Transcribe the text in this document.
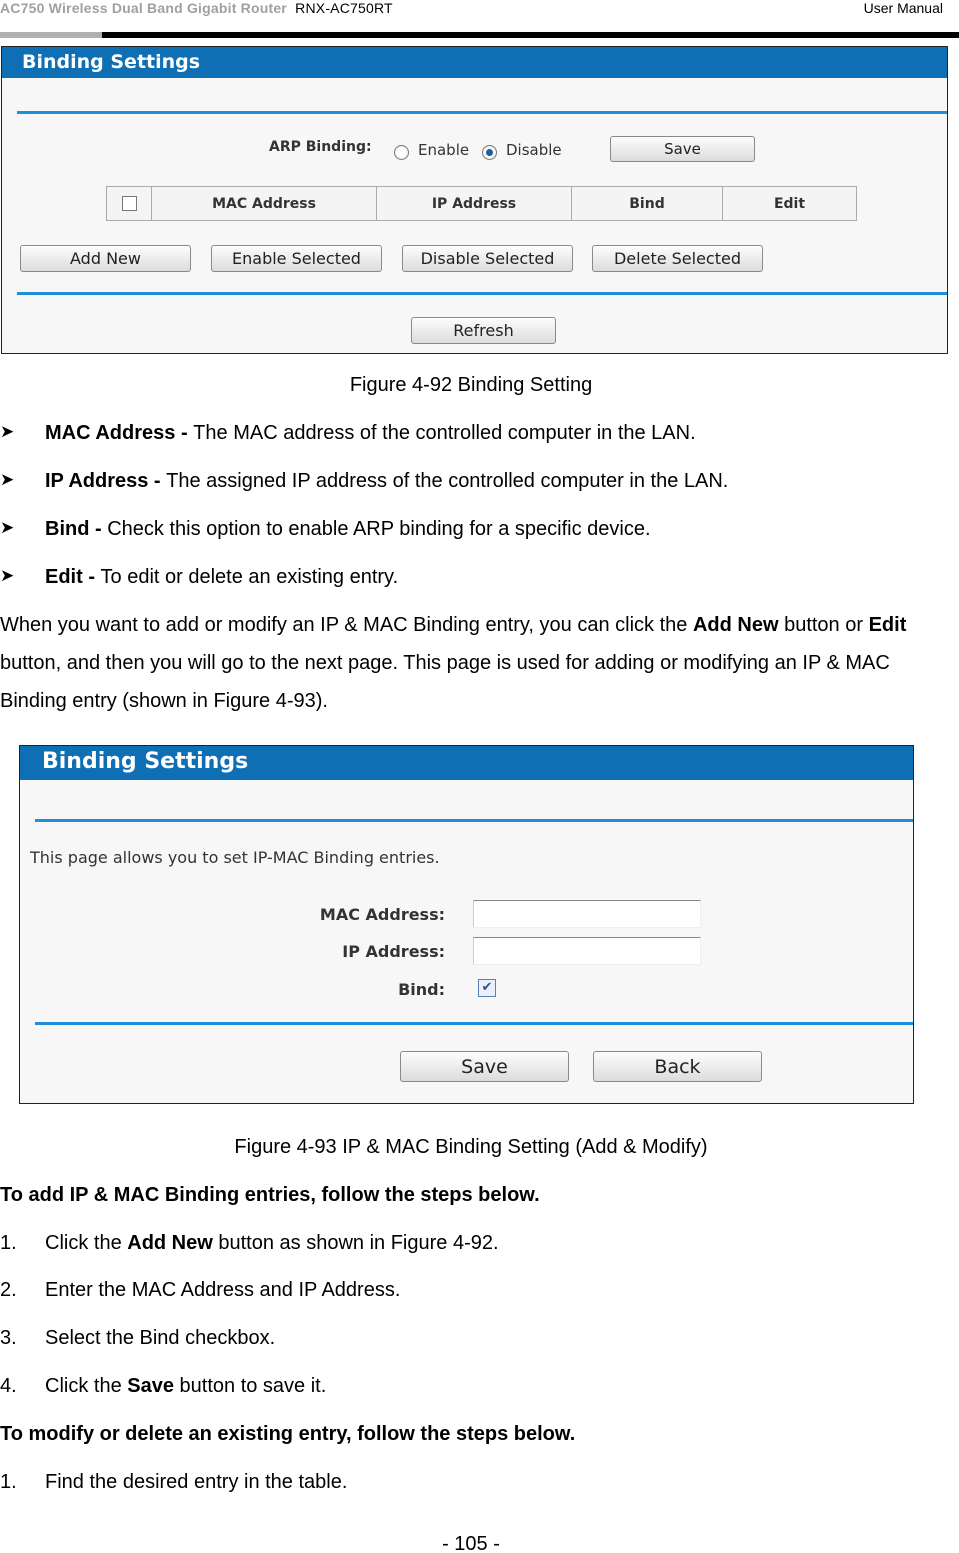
AC750 Wireless Dual Band Gigabit Router RNX-AC750RT	User Manual
Binding Settings
ARP Binding:	Enable Disable	Save
MAC Address	IP Address	Bind	Edit
Add New	Enable Selected	Disable Selected	Delete Selected
Refresh
Figure 4-92 Binding Setting
➤ MAC Address - The MAC address of the controlled computer in the LAN.
➤ IP Address - The assigned IP address of the controlled computer in the LAN.
➤ Bind - Check this option to enable ARP binding for a specific device.
➤ Edit - To edit or delete an existing entry.
When you want to add or modify an IP & MAC Binding entry, you can click the Add New button or Edit button, and then you will go to the next page. This page is used for adding or modifying an IP & MAC Binding entry (shown in Figure 4-93).
Binding Settings
This page allows you to set IP-MAC Binding entries.
MAC Address:
IP Address:
Bind:	✔
Save	Back
Figure 4-93 IP & MAC Binding Setting (Add & Modify)
To add IP & MAC Binding entries, follow the steps below.
1. Click the Add New button as shown in Figure 4-92.
2. Enter the MAC Address and IP Address.
3. Select the Bind checkbox.
4. Click the Save button to save it.
To modify or delete an existing entry, follow the steps below.
1. Find the desired entry in the table.
- 105 -
